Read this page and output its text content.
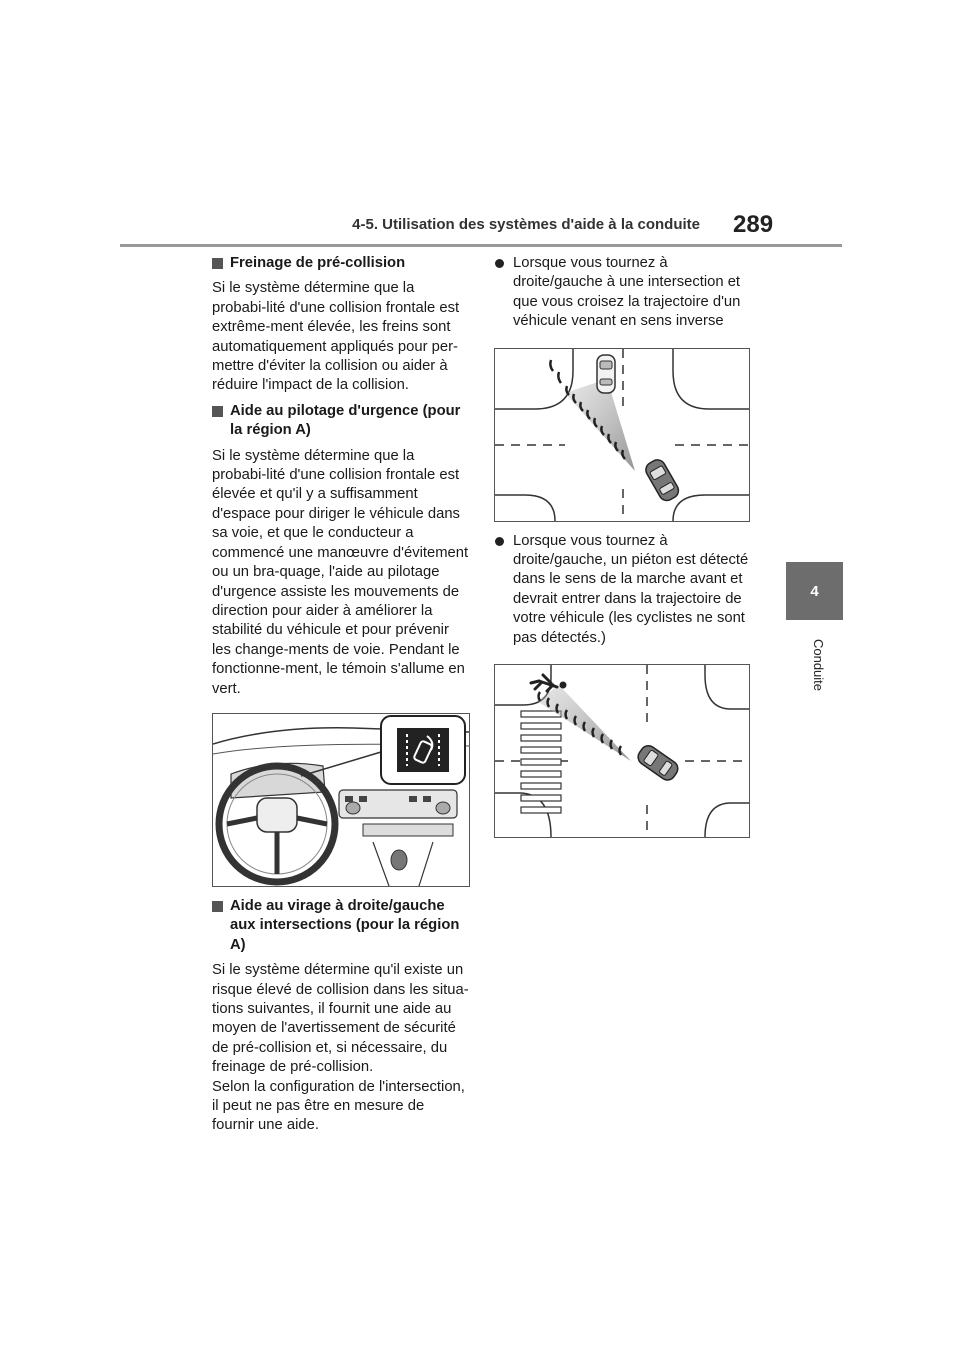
4-5. Utilisation des systèmes d'aide à la conduite 289
4
Conduite
Freinage de pré-collision

Si le système détermine que la probabi-lité d'une collision frontale est extrême-ment élevée, les freins sont automatiquement appliqués pour per-mettre d'éviter la collision ou aider à réduire l'impact de la collision.

Aide au pilotage d'urgence (pour la région A)

Si le système détermine que la probabi-lité d'une collision frontale est élevée et qu'il y a suffisamment d'espace pour diriger le véhicule dans sa voie, et que le conducteur a commencé une manœuvre d'évitement ou un bra-quage, l'aide au pilotage d'urgence assiste les mouvements de direction pour aider à améliorer la stabilité du véhicule et pour prévenir les change-ments de voie. Pendant le fonctionne-ment, le témoin s'allume en vert.

Aide au virage à droite/gauche aux intersections (pour la région A)

Si le système détermine qu'il existe un risque élevé de collision dans les situa-tions suivantes, il fournit une aide au moyen de l'avertissement de sécurité de pré-collision et, si nécessaire, du freinage de pré-collision.

Selon la configuration de l'intersection, il peut ne pas être en mesure de fournir une aide.

Lorsque vous tournez à droite/gauche à une intersection et que vous croisez la trajectoire d'un véhicule venant en sens inverse
Lorsque vous tournez à droite/gauche, un piéton est détecté dans le sens de la marche avant et devrait entrer dans la trajectoire de votre véhicule (les cyclistes ne sont pas détectés.)
